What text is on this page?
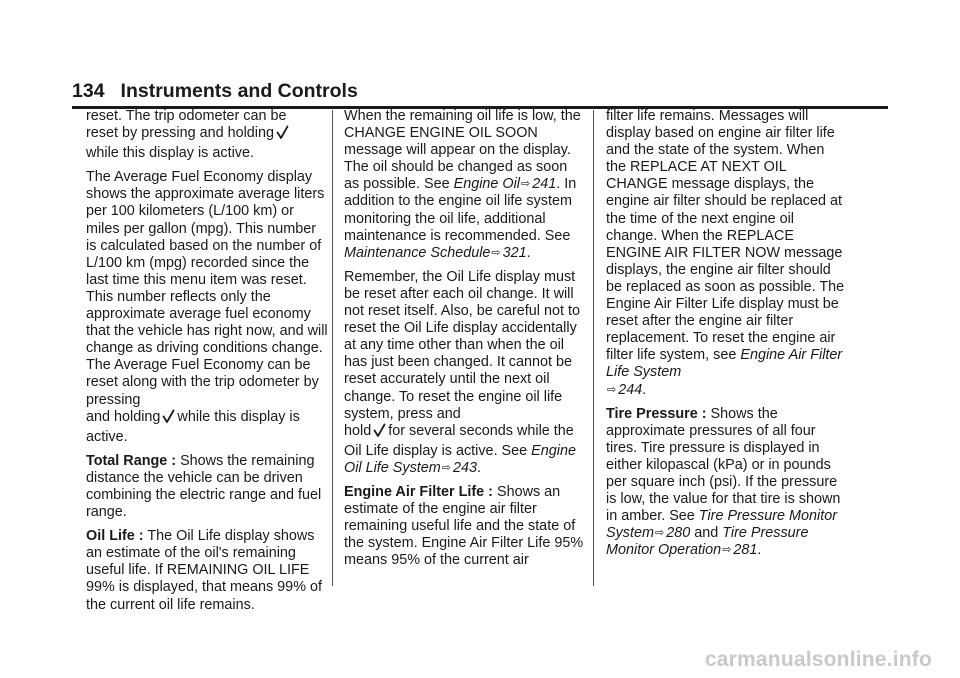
134 Instruments and Controls

reset. The trip odometer can be
reset by pressing and holding
while this display is active.

The Average Fuel Economy display shows the approximate average liters per 100 kilometers (L/100 km) or miles per gallon (mpg). This number is calculated based on the number of L/100 km (mpg) recorded since the last time this menu item was reset. This number reflects only the approximate average fuel economy that the vehicle has right now, and will change as driving conditions change. The Average Fuel Economy can be reset along with the trip odometer by pressing
and holding while this display is active.

Total Range : Shows the remaining distance the vehicle can be driven combining the electric range and fuel range.

Oil Life : The Oil Life display shows an estimate of the oil's remaining useful life. If REMAINING OIL LIFE 99% is displayed, that means 99% of the current oil life remains.

When the remaining oil life is low, the CHANGE ENGINE OIL SOON message will appear on the display. The oil should be changed as soon as possible. See Engine Oil⇨ 241. In addition to the engine oil life system monitoring the oil life, additional maintenance is recommended. See Maintenance Schedule⇨ 321.

Remember, the Oil Life display must be reset after each oil change. It will not reset itself. Also, be careful not to reset the Oil Life display accidentally at any time other than when the oil has just been changed. It cannot be reset accurately until the next oil change. To reset the engine oil life system, press and
hold for several seconds while the Oil Life display is active. See Engine Oil Life System⇨ 243.

Engine Air Filter Life : Shows an estimate of the engine air filter remaining useful life and the state of the system. Engine Air Filter Life 95% means 95% of the current air

filter life remains. Messages will display based on engine air filter life and the state of the system. When the REPLACE AT NEXT OIL CHANGE message displays, the engine air filter should be replaced at the time of the next engine oil change. When the REPLACE ENGINE AIR FILTER NOW message displays, the engine air filter should be replaced as soon as possible. The Engine Air Filter Life display must be reset after the engine air filter replacement. To reset the engine air filter life system, see Engine Air Filter Life System
⇨ 244.

Tire Pressure : Shows the approximate pressures of all four tires. Tire pressure is displayed in either kilopascal (kPa) or in pounds per square inch (psi). If the pressure is low, the value for that tire is shown in amber. See Tire Pressure Monitor System⇨ 280 and Tire Pressure Monitor Operation⇨ 281.

carmanualsonline.info
